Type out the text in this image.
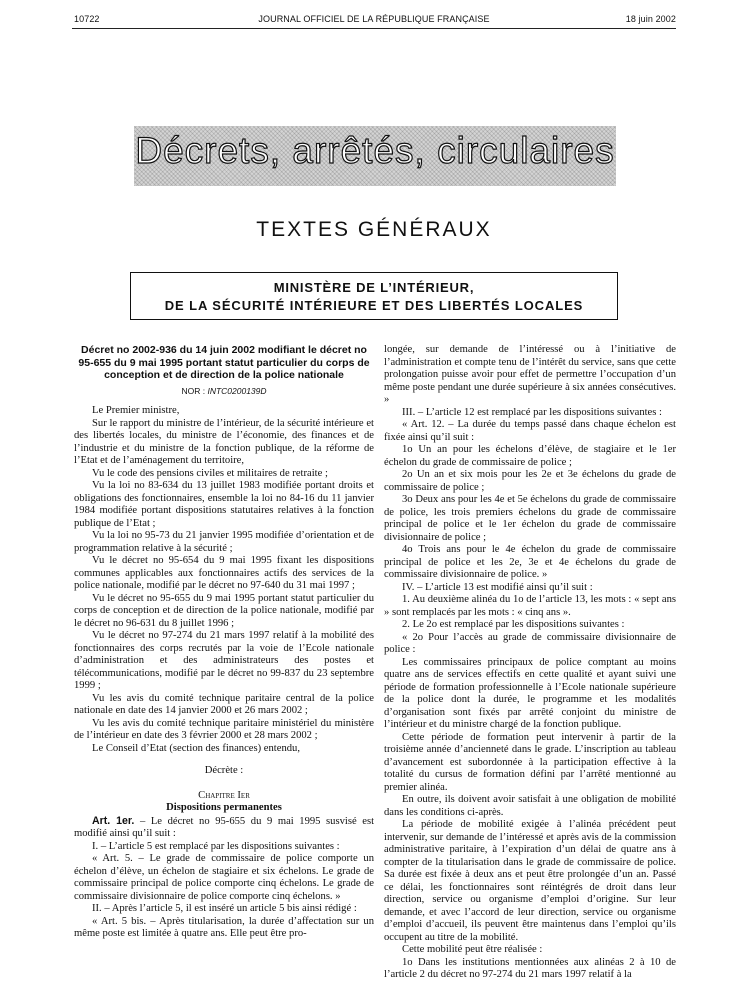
10722	JOURNAL OFFICIEL DE LA RÉPUBLIQUE FRANÇAISE	18 juin 2002
Décrets, arrêtés, circulaires
TEXTES GÉNÉRAUX
MINISTÈRE DE L’INTÉRIEUR,
DE LA SÉCURITÉ INTÉRIEURE ET DES LIBERTÉS LOCALES
Décret no 2002-936 du 14 juin 2002 modifiant le décret no 95-655 du 9 mai 1995 portant statut particulier du corps de conception et de direction de la police nationale
NOR : INTC0200139D

Le Premier ministre,

Sur le rapport du ministre de l’intérieur, de la sécurité intérieure et des libertés locales, du ministre de l’économie, des finances et de l’industrie et du ministre de la fonction publique, de la réforme de l’Etat et de l’aménagement du territoire,

Vu le code des pensions civiles et militaires de retraite ;

Vu la loi no 83-634 du 13 juillet 1983 modifiée portant droits et obligations des fonctionnaires, ensemble la loi no 84-16 du 11 janvier 1984 modifiée portant dispositions statutaires relatives à la fonction publique de l’Etat ;

Vu la loi no 95-73 du 21 janvier 1995 modifiée d’orientation et de programmation relative à la sécurité ;

Vu le décret no 95-654 du 9 mai 1995 fixant les dispositions communes applicables aux fonctionnaires actifs des services de la police nationale, modifié par le décret no 97-640 du 31 mai 1997 ;

Vu le décret no 95-655 du 9 mai 1995 portant statut particulier du corps de conception et de direction de la police nationale, modifié par le décret no 96-631 du 8 juillet 1996 ;

Vu le décret no 97-274 du 21 mars 1997 relatif à la mobilité des fonctionnaires des corps recrutés par la voie de l’Ecole nationale d’administration et des administrateurs des postes et télécommunications, modifié par le décret no 99-837 du 23 septembre 1999 ;

Vu les avis du comité technique paritaire central de la police nationale en date des 14 janvier 2000 et 26 mars 2002 ;

Vu les avis du comité technique paritaire ministériel du ministère de l’intérieur en date des 3 février 2000 et 28 mars 2002 ;

Le Conseil d’Etat (section des finances) entendu,

Décrète :

Chapitre Ier

Dispositions permanentes

Art. 1er. – Le décret no 95-655 du 9 mai 1995 susvisé est modifié ainsi qu’il suit :

I. – L’article 5 est remplacé par les dispositions suivantes :

« Art. 5. – Le grade de commissaire de police comporte un échelon d’élève, un échelon de stagiaire et six échelons. Le grade de commissaire principal de police comporte cinq échelons. Le grade de commissaire divisionnaire de police comporte cinq échelons. »

II. – Après l’article 5, il est inséré un article 5 bis ainsi rédigé :

« Art. 5 bis. – Après titularisation, la durée d’affectation sur un même poste est limitée à quatre ans. Elle peut être pro-

longée, sur demande de l’intéressé ou à l’initiative de l’administration et compte tenu de l’intérêt du service, sans que cette prolongation puisse avoir pour effet de permettre l’occupation d’un même poste pendant une durée supérieure à six années consécutives. »

III. – L’article 12 est remplacé par les dispositions suivantes :

« Art. 12. – La durée du temps passé dans chaque échelon est fixée ainsi qu’il suit :

1o Un an pour les échelons d’élève, de stagiaire et le 1er échelon du grade de commissaire de police ;

2o Un an et six mois pour les 2e et 3e échelons du grade de commissaire de police ;

3o Deux ans pour les 4e et 5e échelons du grade de commissaire de police, les trois premiers échelons du grade de commissaire principal de police et le 1er échelon du grade de commissaire divisionnaire de police ;

4o Trois ans pour le 4e échelon du grade de commissaire principal de police et les 2e, 3e et 4e échelons du grade de commissaire divisionnaire de police. »

IV. – L’article 13 est modifié ainsi qu’il suit :

1. Au deuxième alinéa du 1o de l’article 13, les mots : « sept ans » sont remplacés par les mots : « cinq ans ».

2. Le 2o est remplacé par les dispositions suivantes :

« 2o Pour l’accès au grade de commissaire divisionnaire de police :

Les commissaires principaux de police comptant au moins quatre ans de services effectifs en cette qualité et ayant suivi une période de formation professionnelle à l’Ecole nationale supérieure de la police dont la durée, le programme et les modalités d’organisation sont fixés par arrêté conjoint du ministre de l’intérieur et du ministre chargé de la fonction publique.

Cette période de formation peut intervenir à partir de la troisième année d’ancienneté dans le grade. L’inscription au tableau d’avancement est subordonnée à la participation effective à la totalité du cursus de formation défini par l’arrêté mentionné au premier alinéa.

En outre, ils doivent avoir satisfait à une obligation de mobilité dans les conditions ci-après.

La période de mobilité exigée à l’alinéa précédent peut intervenir, sur demande de l’intéressé et après avis de la commission administrative paritaire, à l’expiration d’un délai de quatre ans à compter de la titularisation dans le grade de commissaire de police. Sa durée est fixée à deux ans et peut être prolongée d’un an. Passé ce délai, les fonctionnaires sont réintégrés de droit dans leur direction, service ou organisme d’emploi d’origine. Sur leur demande, et avec l’accord de leur direction, service ou organisme d’emploi d’accueil, ils peuvent être maintenus dans l’emploi qu’ils occupent au titre de la mobilité.

Cette mobilité peut être réalisée :

1o Dans les institutions mentionnées aux alinéas 2 à 10 de l’article 2 du décret no 97-274 du 21 mars 1997 relatif à la
